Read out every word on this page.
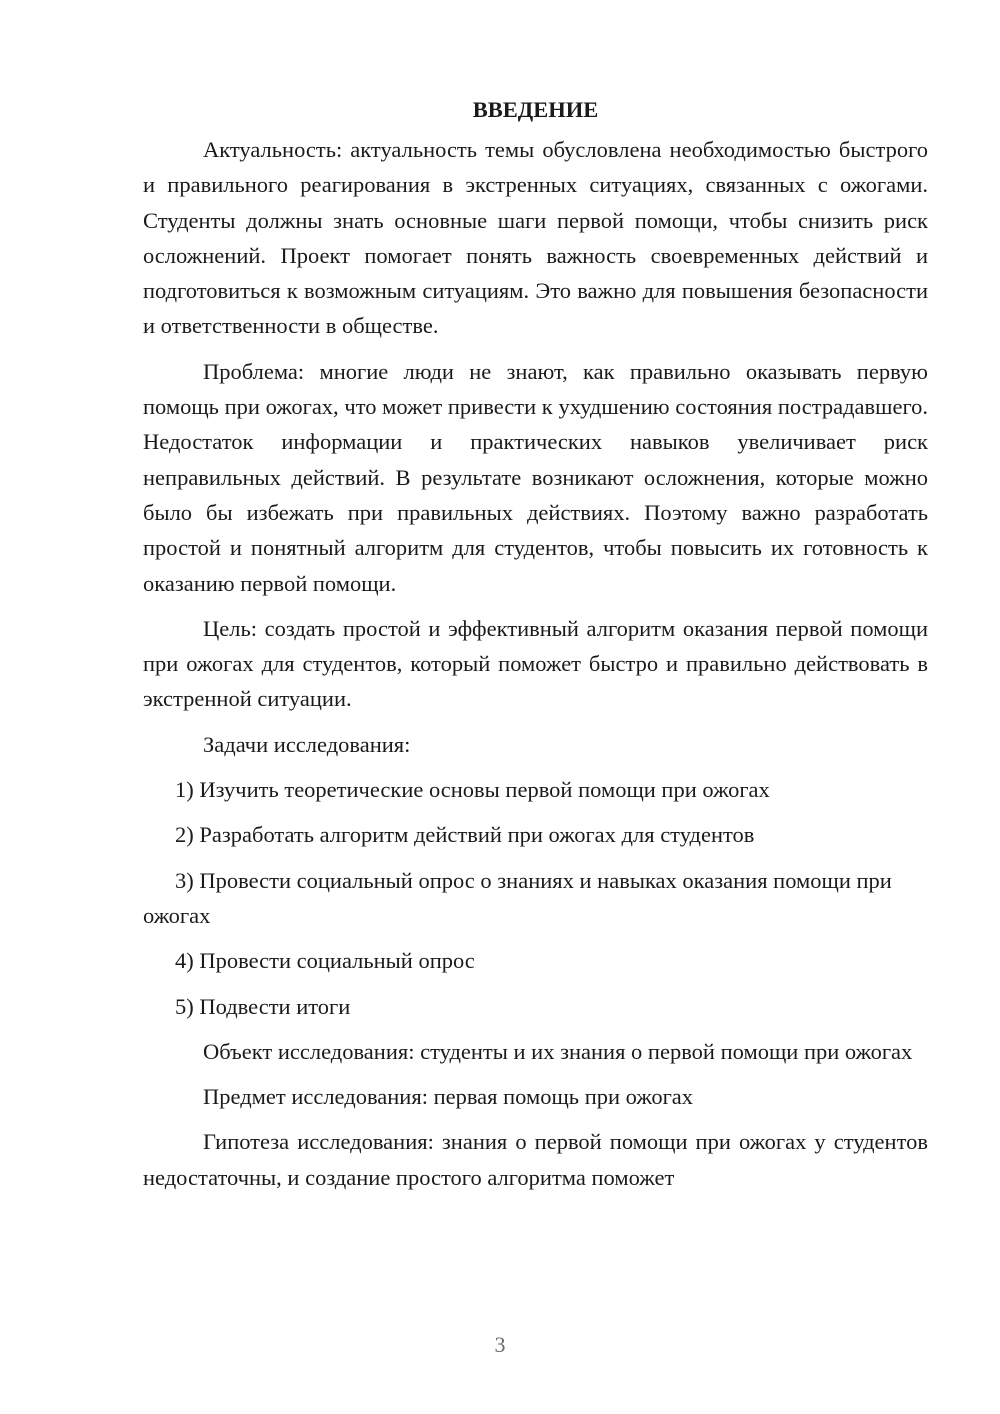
ВВЕДЕНИЕ

Актуальность: актуальность темы обусловлена необходимостью быстрого и правильного реагирования в экстренных ситуациях, связанных с ожогами. Студенты должны знать основные шаги первой помощи, чтобы снизить риск осложнений. Проект помогает понять важность своевременных действий и подготовиться к возможным ситуациям. Это важно для повышения безопасности и ответственности в обществе.

Проблема: многие люди не знают, как правильно оказывать первую помощь при ожогах, что может привести к ухудшению состояния пострадавшего. Недостаток информации и практических навыков увеличивает риск неправильных действий. В результате возникают осложнения, которые можно было бы избежать при правильных действиях. Поэтому важно разработать простой и понятный алгоритм для студентов, чтобы повысить их готовность к оказанию первой помощи.

Цель: создать простой и эффективный алгоритм оказания первой помощи при ожогах для студентов, который поможет быстро и правильно действовать в экстренной ситуации.

Задачи исследования:

1) Изучить теоретические основы первой помощи при ожогах

2) Разработать алгоритм действий при ожогах для студентов

3) Провести социальный опрос о знаниях и навыках оказания помощи при ожогах

4) Провести социальный опрос

5) Подвести итоги

Объект исследования: студенты и их знания о первой помощи при ожогах

Предмет исследования: первая помощь при ожогах

Гипотеза исследования: знания о первой помощи при ожогах у студентов недостаточны, и создание простого алгоритма поможет

3
